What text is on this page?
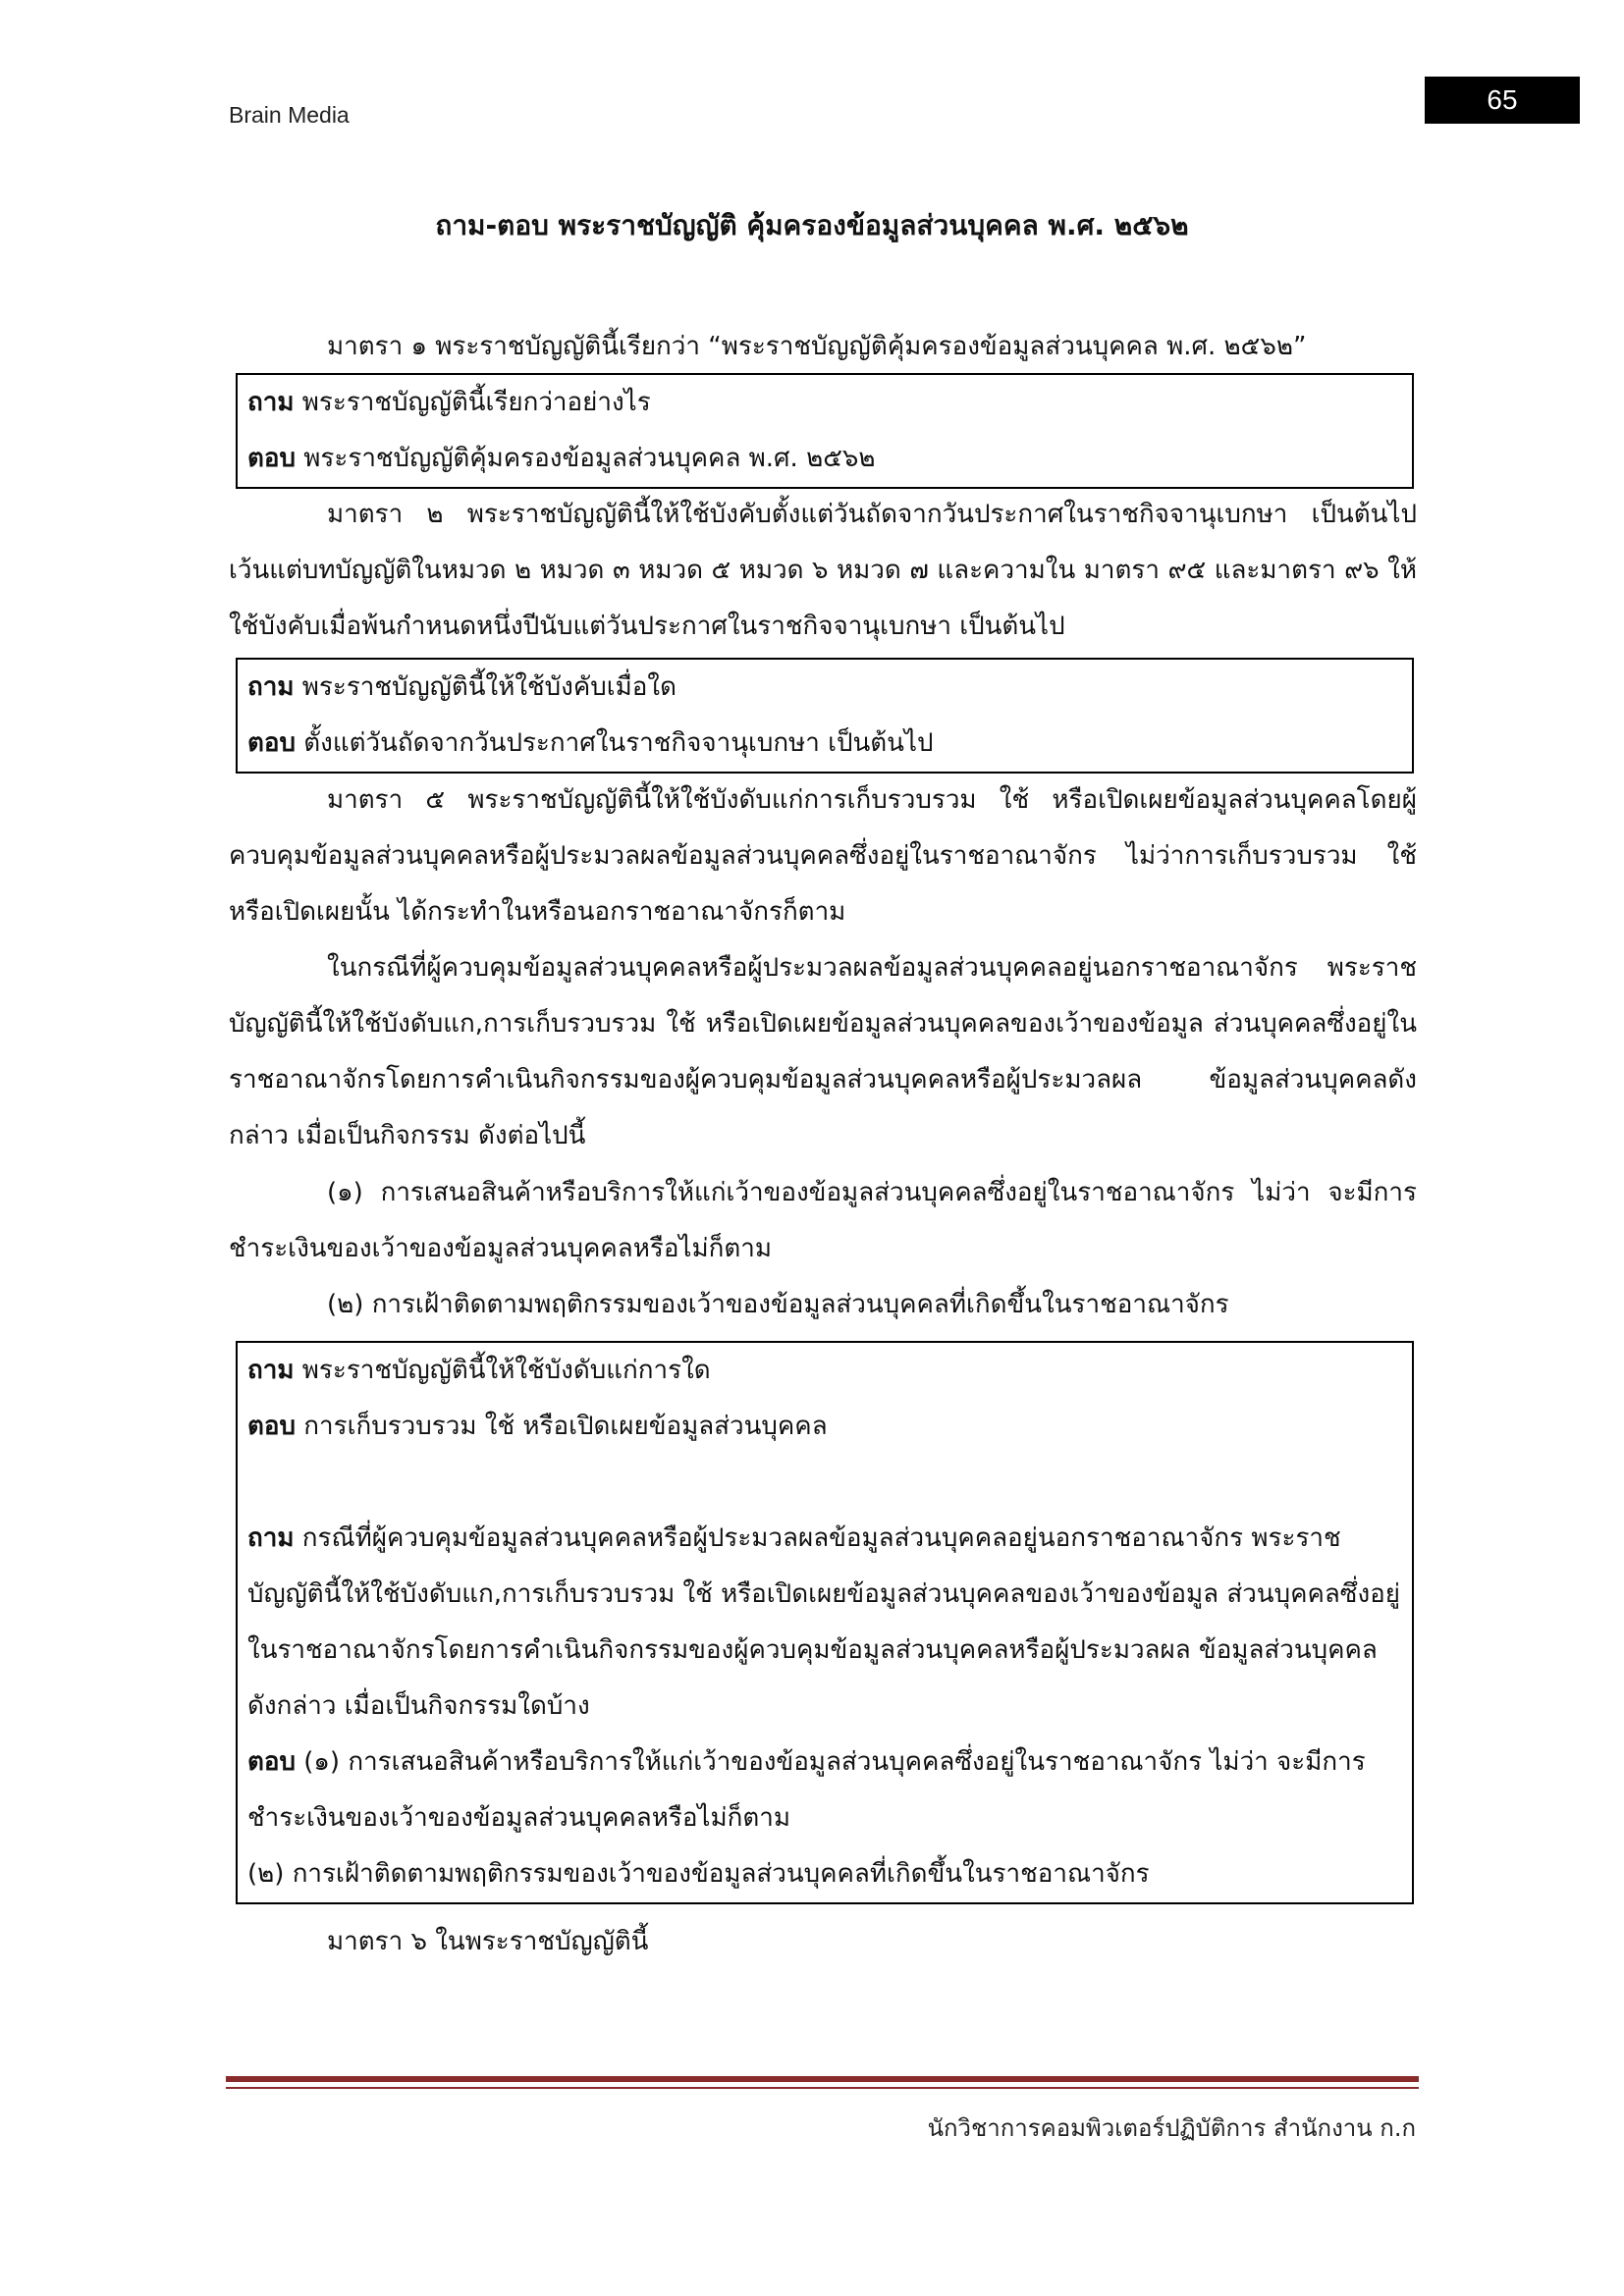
Brain Media	65
ถาม-ตอบ พระราชบัญญัติ คุ้มครองข้อมูลส่วนบุคคล พ.ศ. ๒๕๖๒

มาตรา ๑ พระราชบัญญัตินี้เรียกว่า “พระราชบัญญัติคุ้มครองข้อมูลส่วนบุคคล พ.ศ. ๒๕๖๒”

ถาม พระราชบัญญัตินี้เรียกว่าอย่างไร

ตอบ พระราชบัญญัติคุ้มครองข้อมูลส่วนบุคคล พ.ศ. ๒๕๖๒

มาตรา ๒ พระราชบัญญัตินี้ให้ใช้บังคับตั้งแต่วันถัดจากวันประกาศในราชกิจจานุเบกษา เป็นต้นไป เว้นแต่บทบัญญัติในหมวด ๒ หมวด ๓ หมวด ๕ หมวด ๖ หมวด ๗ และความใน มาตรา ๙๕ และมาตรา ๙๖ ให้ใช้บังคับเมื่อพ้นกำหนดหนึ่งปีนับแต่วันประกาศในราชกิจจานุเบกษา เป็นต้นไป

ถาม พระราชบัญญัตินี้ให้ใช้บังคับเมื่อใด

ตอบ ตั้งแต่วันถัดจากวันประกาศในราชกิจจานุเบกษา เป็นต้นไป

มาตรา ๕ พระราชบัญญัตินี้ให้ใช้บังดับแก่การเก็บรวบรวม ใช้ หรือเปิดเผยข้อมูลส่วนบุคคลโดยผู้ควบคุมข้อมูลส่วนบุคคลหรือผู้ประมวลผลข้อมูลส่วนบุคคลซึ่งอยู่ในราชอาณาจักร ไม่ว่าการเก็บรวบรวม ใช้ หรือเปิดเผยนั้น ได้กระทำในหรือนอกราชอาณาจักรก็ตาม

ในกรณีที่ผู้ควบคุมข้อมูลส่วนบุคคลหรือผู้ประมวลผลข้อมูลส่วนบุคคลอยู่นอกราชอาณาจักร พระราชบัญญัตินี้ให้ใช้บังดับแก,การเก็บรวบรวม ใช้ หรือเปิดเผยข้อมูลส่วนบุคคลของเว้าของข้อมูล ส่วนบุคคลซึ่งอยู่ในราชอาณาจักรโดยการคำเนินกิจกรรมของผู้ควบคุมข้อมูลส่วนบุคคลหรือผู้ประมวลผล ข้อมูลส่วนบุคคลดังกล่าว เมื่อเป็นกิจกรรม ดังต่อไปนี้

(๑) การเสนอสินค้าหรือบริการให้แก่เว้าของข้อมูลส่วนบุคคลซึ่งอยู่ในราชอาณาจักร ไม่ว่า จะมีการชำระเงินของเว้าของข้อมูลส่วนบุคคลหรือไม่ก็ตาม

(๒) การเฝ้าติดตามพฤติกรรมของเว้าของข้อมูลส่วนบุคคลที่เกิดขึ้นในราชอาณาจักร

ถาม พระราชบัญญัตินี้ให้ใช้บังดับแก่การใด

ตอบ การเก็บรวบรวม ใช้ หรือเปิดเผยข้อมูลส่วนบุคคล

ถาม กรณีที่ผู้ควบคุมข้อมูลส่วนบุคคลหรือผู้ประมวลผลข้อมูลส่วนบุคคลอยู่นอกราชอาณาจักร พระราชบัญญัตินี้ให้ใช้บังดับแก,การเก็บรวบรวม ใช้ หรือเปิดเผยข้อมูลส่วนบุคคลของเว้าของข้อมูล ส่วนบุคคลซึ่งอยู่ในราชอาณาจักรโดยการคำเนินกิจกรรมของผู้ควบคุมข้อมูลส่วนบุคคลหรือผู้ประมวลผล ข้อมูลส่วนบุคคลดังกล่าว เมื่อเป็นกิจกรรมใดบ้าง

ตอบ (๑) การเสนอสินค้าหรือบริการให้แก่เว้าของข้อมูลส่วนบุคคลซึ่งอยู่ในราชอาณาจักร ไม่ว่า จะมีการชำระเงินของเว้าของข้อมูลส่วนบุคคลหรือไม่ก็ตาม

(๒) การเฝ้าติดตามพฤติกรรมของเว้าของข้อมูลส่วนบุคคลที่เกิดขึ้นในราชอาณาจักร

มาตรา ๖ ในพระราชบัญญัตินี้

นักวิชาการคอมพิวเตอร์ปฏิบัติการ สำนักงาน ก.ก
